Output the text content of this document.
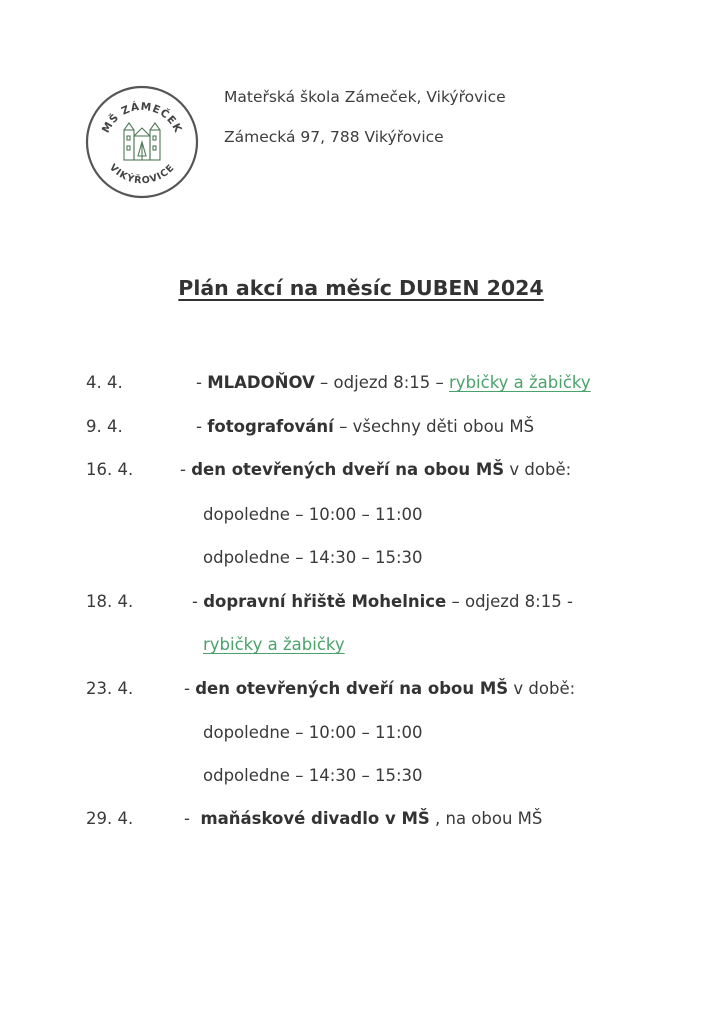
MŠ ZÁMEČEK
VIKÝŘOVICE
Mateřská škola Zámeček, Vikýřovice
Zámecká 97, 788 Vikýřovice
Plán akcí na měsíc DUBEN 2024
4. 4.	- MLADOŇOV – odjezd 8:15 – rybičky a žabičky
9. 4.	- fotografování – všechny děti obou MŠ
16. 4.	- den otevřených dveří na obou MŠ v době:
dopoledne – 10:00 – 11:00
odpoledne – 14:30 – 15:30
18. 4.	- dopravní hřiště Mohelnice – odjezd 8:15 -
rybičky a žabičky
23. 4.	- den otevřených dveří na obou MŠ v době:
dopoledne – 10:00 – 11:00
odpoledne – 14:30 – 15:30
29. 4.	-  maňáskové divadlo v MŠ , na obou MŠ
